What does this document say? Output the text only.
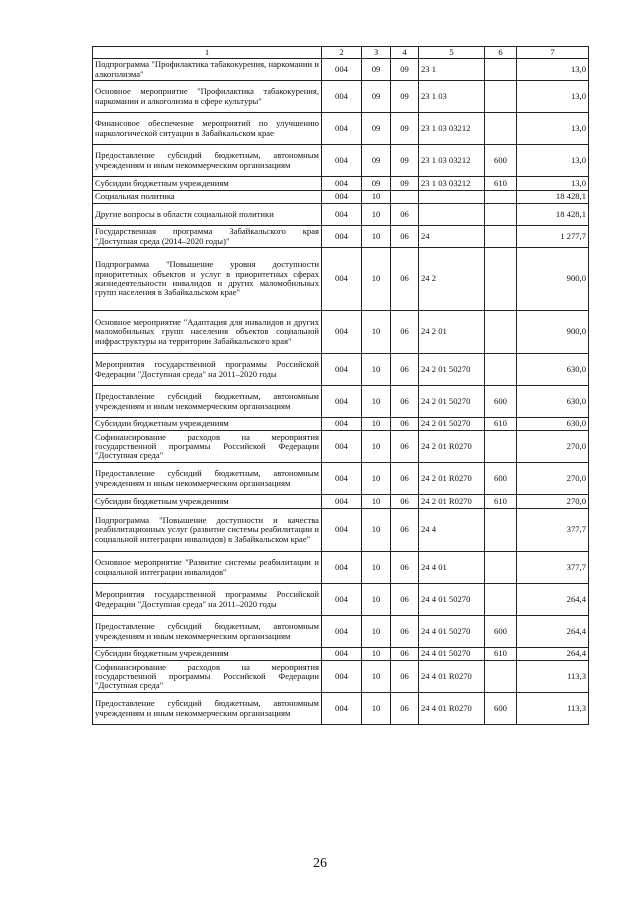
1	2	3	4	5	6	7
Подпрограмма "Профилактика табакокурения, наркомании и алкоголизма"	004	09	09	23 1		13,0
Основное мероприятие "Профилактика табакокурения, наркомании и алкоголизма в сфере культуры"	004	09	09	23 1 03		13,0
Финансовое обеспечение мероприятий по улучшению наркологической ситуации в Забайкальском крае	004	09	09	23 1 03 03212		13,0
Предоставление субсидий бюджетным, автономным учреждениям и иным некоммерческим организациям	004	09	09	23 1 03 03212	600	13,0
Субсидии бюджетным учреждениям	004	09	09	23 1 03 03212	610	13,0
Социальная политика	004	10				18 428,1
Другие вопросы в области социальной политики	004	10	06			18 428,1
Государственная программа Забайкальского края "Доступная среда (2014–2020 годы)"	004	10	06	24		1 277,7
Подпрограмма "Повышение уровня доступности приоритетных объектов и услуг в приоритетных сферах жизнедеятельности инвалидов и других маломобильных групп населения в Забайкальском крае"	004	10	06	24 2		900,0
Основное мероприятие "Адаптация для инвалидов и других маломобильных групп населения объектов социальной инфраструктуры на территории Забайкальского края"	004	10	06	24 2 01		900,0
Мероприятия государственной программы Российской Федерации "Доступная среда" на 2011–2020 годы	004	10	06	24 2 01 50270		630,0
Предоставление субсидий бюджетным, автономным учреждениям и иным некоммерческим организациям	004	10	06	24 2 01 50270	600	630,0
Субсидии бюджетным учреждениям	004	10	06	24 2 01 50270	610	630,0
Софинансирование расходов на мероприятия государственной программы Российской Федерации "Доступная среда"	004	10	06	24 2 01 R0270		270,0
Предоставление субсидий бюджетным, автономным учреждениям и иным некоммерческим организациям	004	10	06	24 2 01 R0270	600	270,0
Субсидии бюджетным учреждениям	004	10	06	24 2 01 R0270	610	270,0
Подпрограмма "Повышение доступности и качества реабилитационных услуг (развитие системы реабилитации и социальной интеграции инвалидов) в Забайкальском крае"	004	10	06	24 4		377,7
Основное мероприятие "Развитие системы реабилитации и социальной интеграции инвалидов"	004	10	06	24 4 01		377,7
Мероприятия государственной программы Российской Федерации "Доступная среда" на 2011–2020 годы	004	10	06	24 4 01 50270		264,4
Предоставление субсидий бюджетным, автономным учреждениям и иным некоммерческим организациям	004	10	06	24 4 01 50270	600	264,4
Субсидии бюджетным учреждениям	004	10	06	24 4 01 50270	610	264,4
Софинансирование расходов на мероприятия государственной программы Российской Федерации "Доступная среда"	004	10	06	24 4 01 R0270		113,3
Предоставление субсидий бюджетным, автономным учреждениям и иным некоммерческим организациям	004	10	06	24 4 01 R0270	600	113,3
26
